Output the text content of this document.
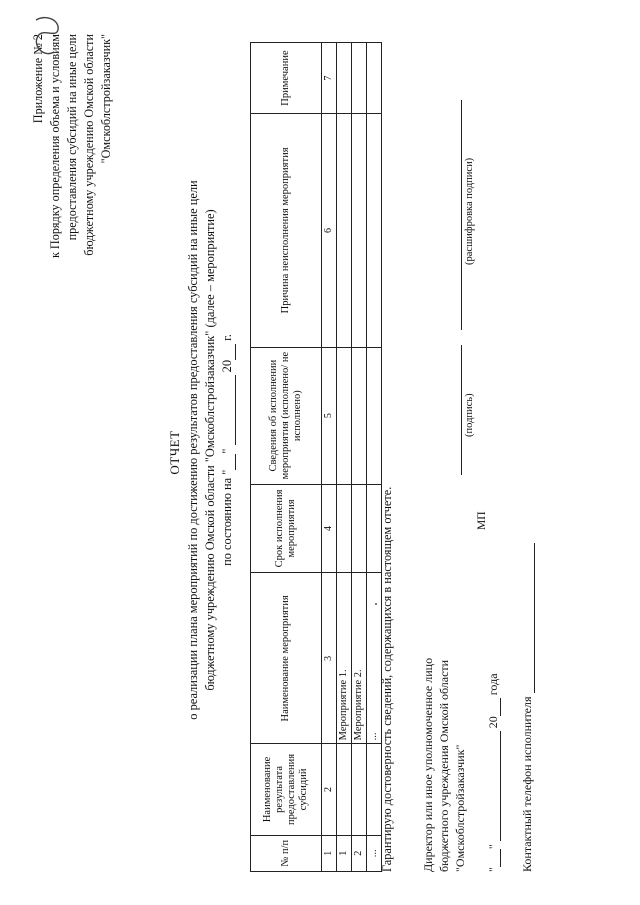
Приложение № 2 к Порядку определения объема и условиям предоставления субсидий на иные цели бюджетному учреждению Омской области "Омскоблстройзаказчик"
ОТЧЕТ о реализации плана мероприятий по достижению результатов предоставления субсидий на иные цели бюджетному учреждению Омской области "Омскоблстройзаказчик" (далее – мероприятие) по состоянию на ""  20 г.
№ п/п	Наименование результата предоставления субсидий	Наименование мероприятия	Срок исполнения мероприятия	Сведения об исполнении мероприятия (исполнено/ не исполнено)	Причина неисполнения мероприятия	Примечание
1	2	3	4	5	6	7
1		Мероприятие 1.				
2		Мероприятие 2.				
...		...				Гарантирую достоверность сведений, содержащихся в настоящем отчете. Директор или иное уполномоченное лицо бюджетного учреждения Омской области "Омскоблстройзаказчик"
МП
(подпись)
(расшифровка подписи)
""  20 года
Контактный телефон исполнителя
